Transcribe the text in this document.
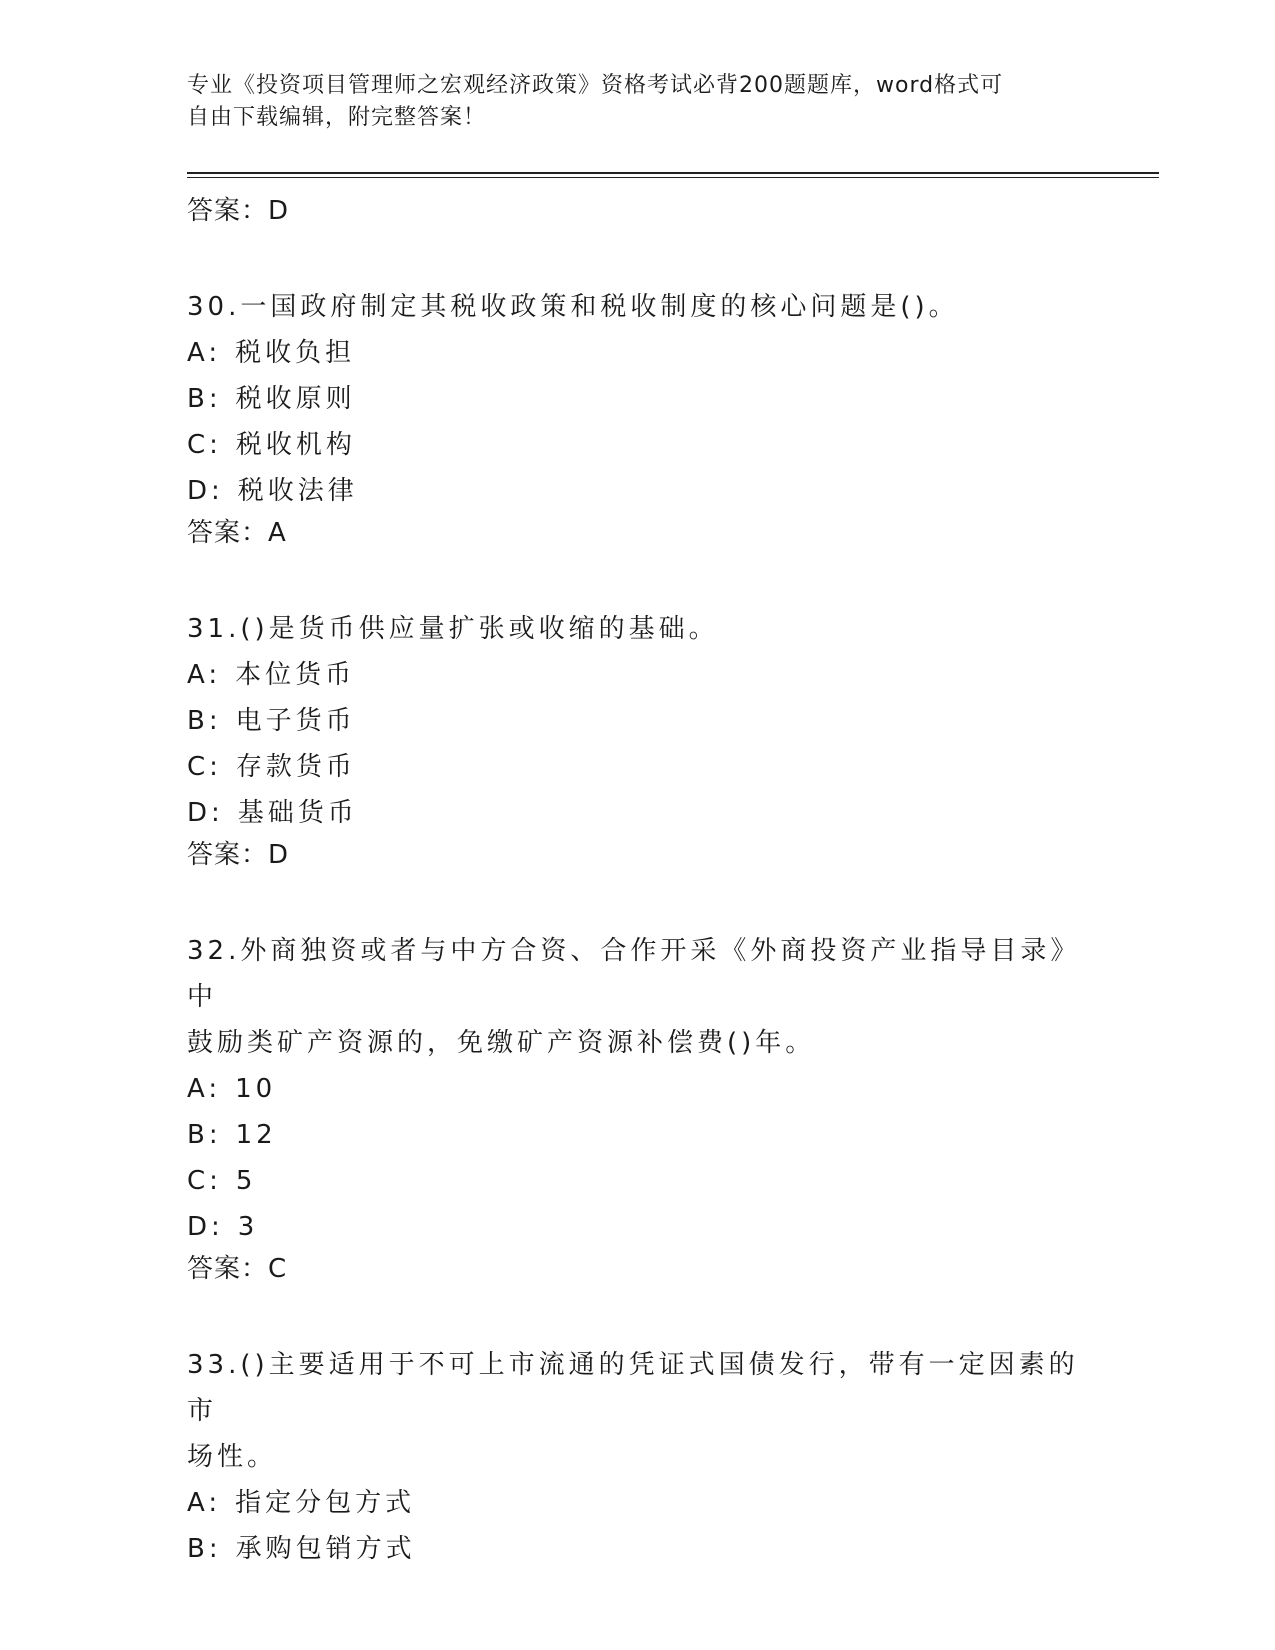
专业《投资项目管理师之宏观经济政策》资格考试必背200题题库，word格式可
自由下载编辑，附完整答案！

答案：D

30.一国政府制定其税收政策和税收制度的核心问题是()。

A: 税收负担

B: 税收原则

C: 税收机构

D: 税收法律

答案：A

31.()是货币供应量扩张或收缩的基础。

A: 本位货币

B: 电子货币

C: 存款货币

D: 基础货币

答案：D

32.外商独资或者与中方合资、合作开采《外商投资产业指导目录》中
鼓励类矿产资源的，免缴矿产资源补偿费()年。

A: 10

B: 12

C: 5

D: 3

答案：C

33.()主要适用于不可上市流通的凭证式国债发行，带有一定因素的市
场性。

A: 指定分包方式

B: 承购包销方式
